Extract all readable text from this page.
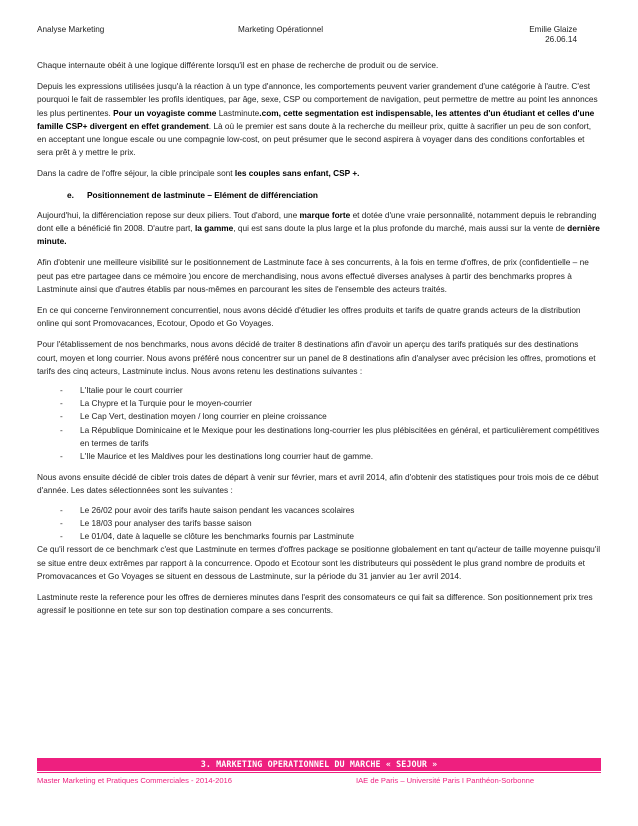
Analyse Marketing	Marketing Opérationnel	Emilie Glaize
26.06.14

Chaque internaute obéit à une logique différente lorsqu'il est en phase de recherche de produit ou de service.

Depuis les expressions utilisées jusqu'à la réaction à un type d'annonce, les comportements peuvent varier grandement d'une catégorie à l'autre. C'est pourquoi le fait de rassembler les profils identiques, par âge, sexe, CSP ou comportement de navigation, peut permettre de mettre au point les annonces les plus pertinentes. Pour un voyagiste comme Lastminute.com, cette segmentation est indispensable, les attentes d'un étudiant et celles d'une famille CSP+ divergent en effet grandement. Là où le premier est sans doute à la recherche du meilleur prix, quitte à sacrifier un peu de son confort, en acceptant une longue escale ou une compagnie low-cost, on peut présumer que le second aspirera à voyager dans des conditions confortables et sera prêt à y mettre le prix.

Dans la cadre de l'offre séjour, la cible principale sont les couples sans enfant, CSP +.

e. Positionnement de lastminute – Elément de différenciation

Aujourd'hui, la différenciation repose sur deux piliers. Tout d'abord, une marque forte et dotée d'une vraie personnalité, notamment depuis le rebranding dont elle a bénéficié fin 2008. D'autre part, la gamme, qui est sans doute la plus large et la plus profonde du marché, mais aussi sur la vente de dernière minute.

Afin d'obtenir une meilleure visibilité sur le positionnement de Lastminute face à ses concurrents, à la fois en terme d'offres, de prix (confidentielle – ne peut pas etre partagee dans ce mémoire )ou encore de merchandising, nous avons effectué diverses analyses à partir des benchmarks propres à Lastminute ainsi que d'autres établis par nous-mêmes en parcourant les sites de l'ensemble des acteurs traités.

En ce qui concerne l'environnement concurrentiel, nous avons décidé d'étudier les offres produits et tarifs de quatre grands acteurs de la distribution online qui sont Promovacances, Ecotour, Opodo et Go Voyages.

Pour l'établissement de nos benchmarks, nous avons décidé de traiter 8 destinations afin d'avoir un aperçu des tarifs pratiqués sur des destinations court, moyen et long courrier. Nous avons préféré nous concentrer sur un panel de 8 destinations afin d'analyser avec précision les offres, promotions et tarifs des cinq acteurs, Lastminute inclus. Nous avons retenu les destinations suivantes :

- L'Italie pour le court courrier
- La Chypre et la Turquie pour le moyen-courrier
- Le Cap Vert, destination moyen / long courrier en pleine croissance
- La République Dominicaine et le Mexique pour les destinations long-courrier les plus plébiscitées en général, et particulièrement compétitives en termes de tarifs
- L'Ile Maurice et les Maldives pour les destinations long courrier haut de gamme.

Nous avons ensuite décidé de cibler trois dates de départ à venir sur février, mars et avril 2014, afin d'obtenir des statistiques pour trois mois de ce début d'année. Les dates sélectionnées sont les suivantes :

- Le 26/02 pour avoir des tarifs haute saison pendant les vacances scolaires
- Le 18/03 pour analyser des tarifs basse saison
- Le 01/04, date à laquelle se clôture les benchmarks fournis par Lastminute

Ce qu'il ressort de ce benchmark c'est que Lastminute en termes d'offres package se positionne globalement en tant qu'acteur de taille moyenne puisqu'il se situe entre deux extrêmes par rapport à la concurrence. Opodo et Ecotour sont les distributeurs qui possèdent le plus grand nombre de produits et Promovacances et Go Voyages se situent en dessous de Lastminute, sur la période du 31 janvier au 1er avril 2014.

Lastminute reste la reference pour les offres de dernieres minutes dans l'esprit des consomateurs ce qui fait sa difference. Son positionnement prix tres agressif le positionne en tete sur son top destination compare a ses concurrents.

3. MARKETING OPERATIONNEL DU MARCHE « SEJOUR »
Master Marketing et Pratiques Commerciales - 2014-2016	IAE de Paris – Université Paris I Panthéon-Sorbonne
